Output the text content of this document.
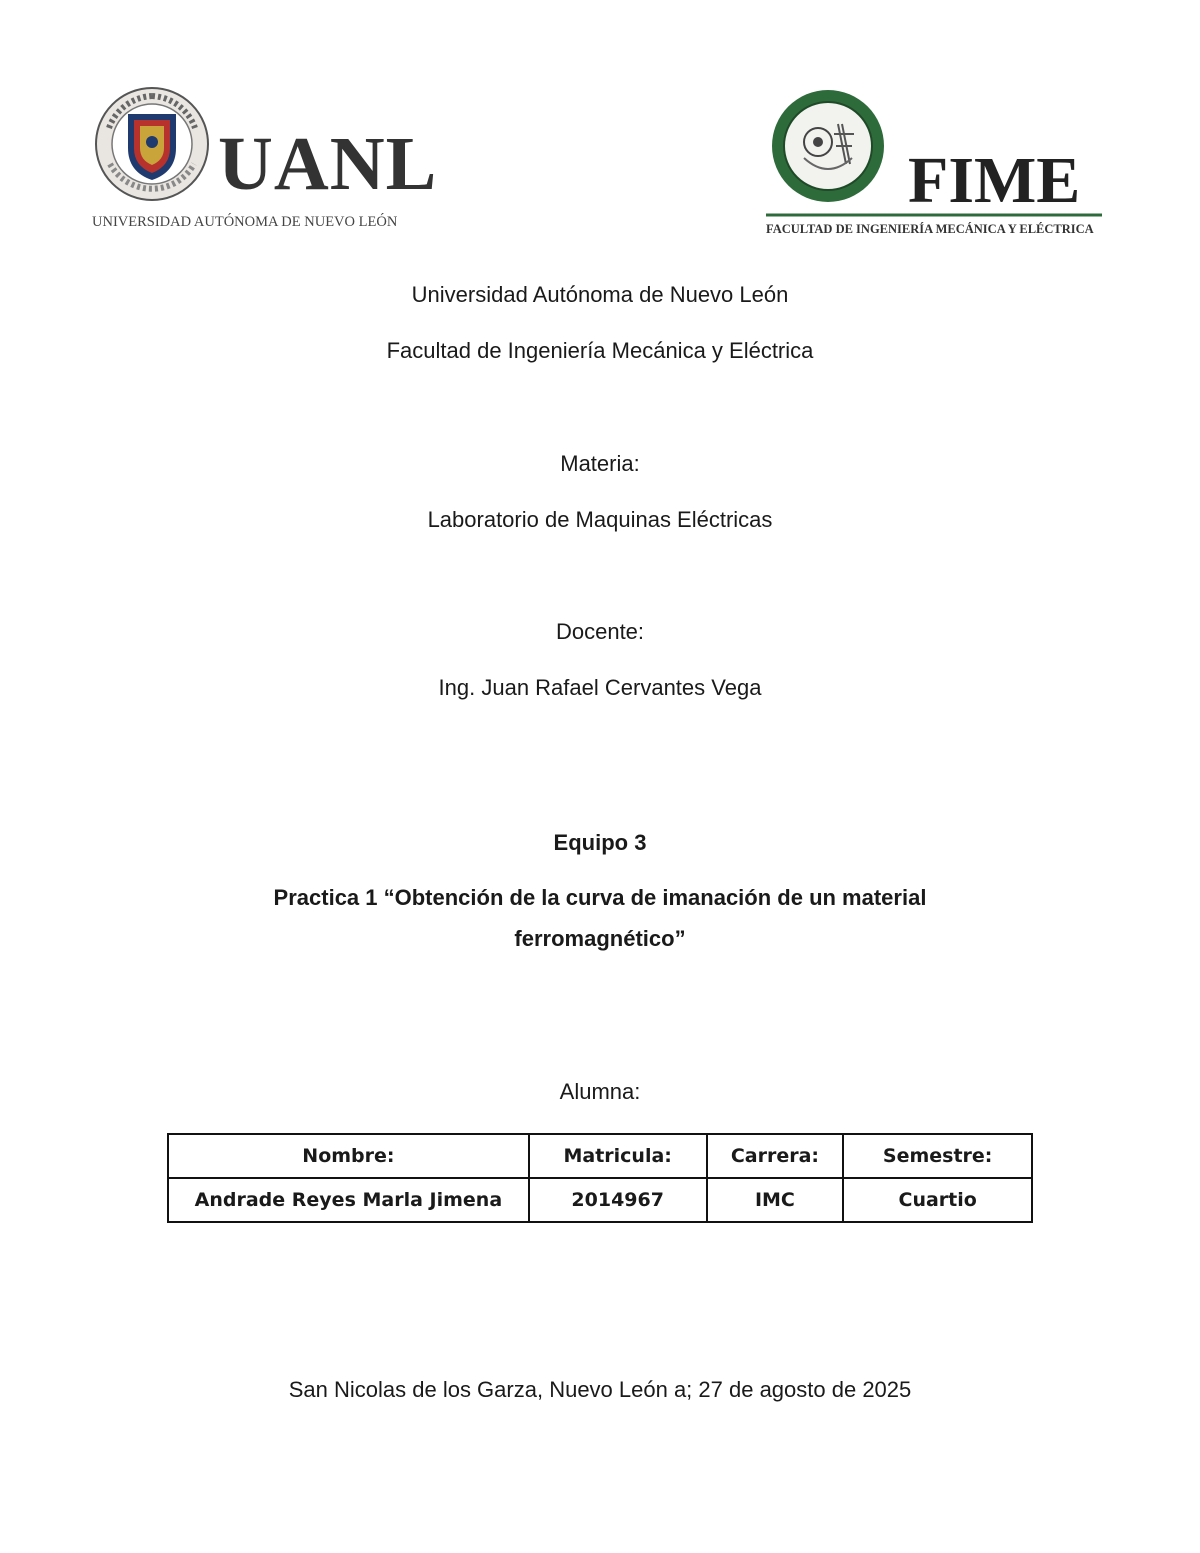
UANL
UNIVERSIDAD AUTÓNOMA DE NUEVO LEÓN
FIME
FACULTAD DE INGENIERÍA MECÁNICA Y ELÉCTRICA
Universidad Autónoma de Nuevo León
Facultad de Ingeniería Mecánica y Eléctrica
Materia:
Laboratorio de Maquinas Eléctricas
Docente:
Ing. Juan Rafael Cervantes Vega
Equipo 3
Practica 1 “Obtención de la curva de imanación de un material
ferromagnético”
Alumna:
Nombre:	Matricula:	Carrera:	Semestre:
Andrade Reyes Marla Jimena	2014967	IMC	Cuartio
San Nicolas de los Garza, Nuevo León a; 27 de agosto de 2025
